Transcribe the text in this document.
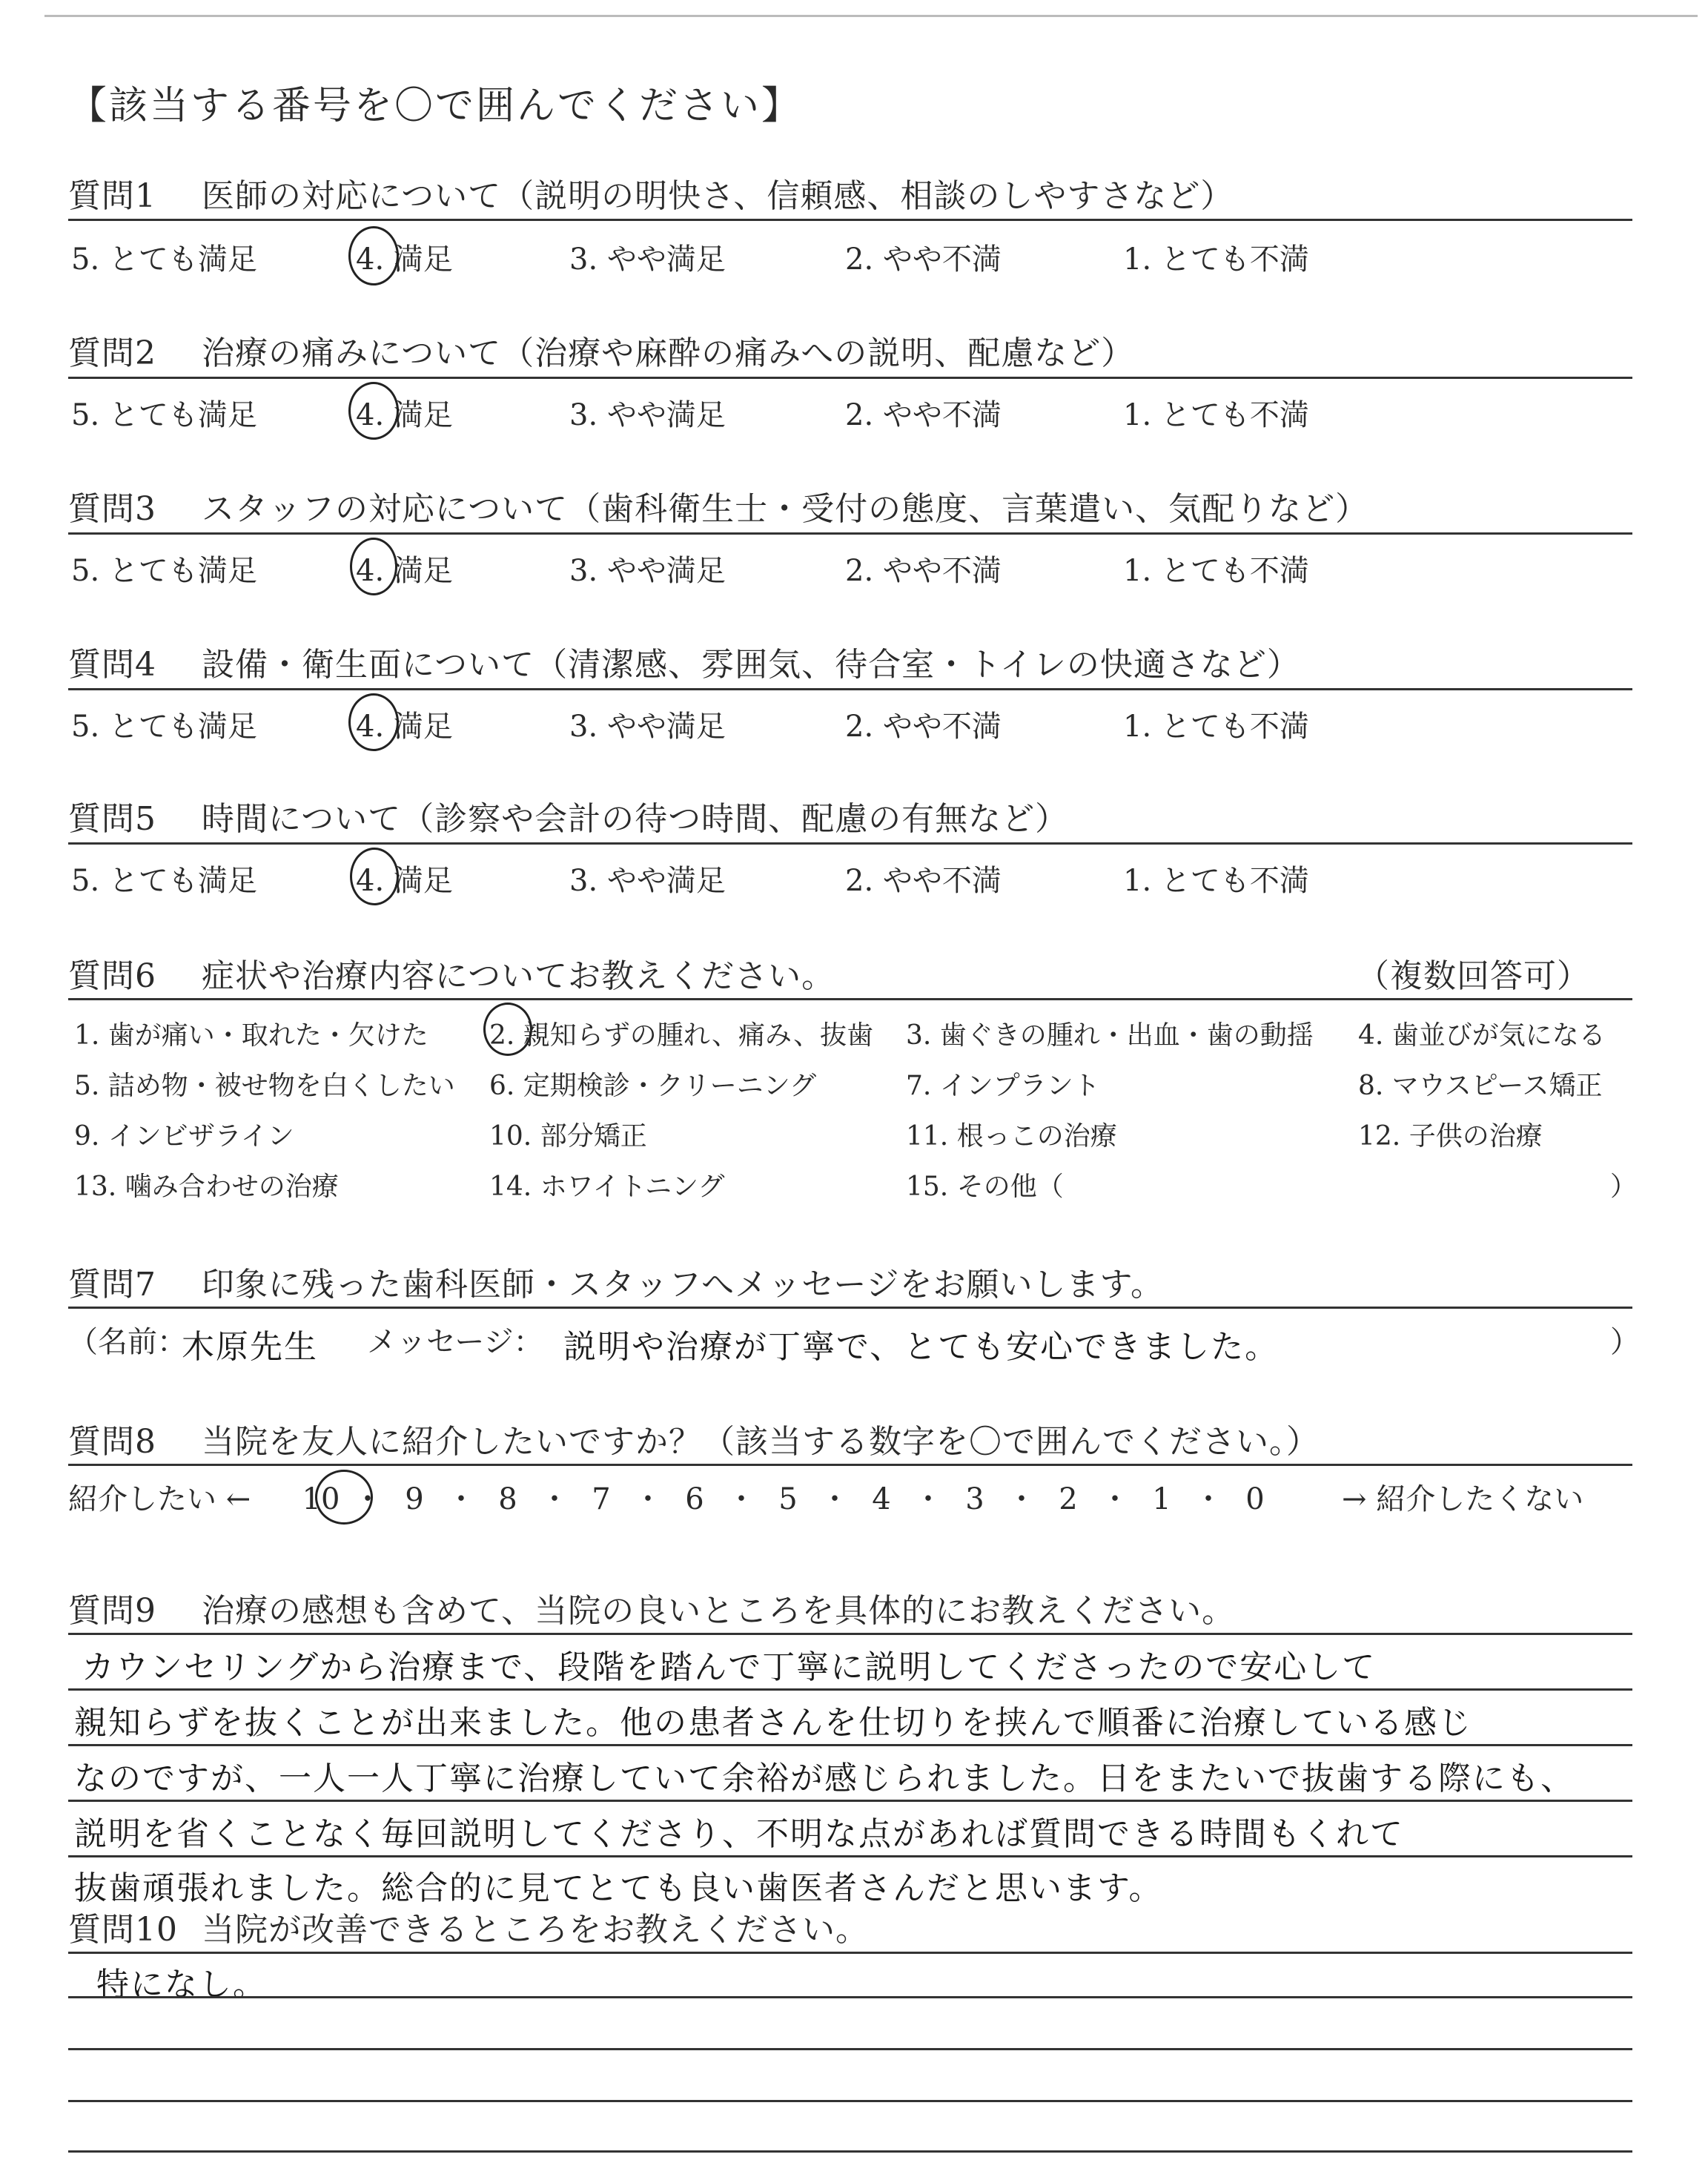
【該当する番号を〇で囲んでください】
質問1 医師の対応について（説明の明快さ、信頼感、相談のしやすさなど）
5. とても満足	4. 満足	3. やや満足	2. やや不満	1. とても不満
質問2 治療の痛みについて（治療や麻酔の痛みへの説明、配慮など）
5. とても満足	4. 満足	3. やや満足	2. やや不満	1. とても不満
質問3 スタッフの対応について（歯科衛生士・受付の態度、言葉遣い、気配りなど）
5. とても満足	4. 満足	3. やや満足	2. やや不満	1. とても不満
質問4 設備・衛生面について（清潔感、雰囲気、待合室・トイレの快適さなど）
5. とても満足	4. 満足	3. やや満足	2. やや不満	1. とても不満
質問5 時間について（診察や会計の待つ時間、配慮の有無など）
5. とても満足	4. 満足	3. やや満足	2. やや不満	1. とても不満
質問6 症状や治療内容についてお教えください。	（複数回答可）
1. 歯が痛い・取れた・欠けた 2. 親知らずの腫れ、痛み、抜歯 3. 歯ぐきの腫れ・出血・歯の動揺 4. 歯並びが気になる
5. 詰め物・被せ物を白くしたい 6. 定期検診・クリーニング	7. インプラント	8. マウスピース矯正
9. インビザライン	10. 部分矯正	11. 根っこの治療	12. 子供の治療
13. 噛み合わせの治療	14. ホワイトニング	15. その他（	）
質問7 印象に残った歯科医師・スタッフへメッセージをお願いします。
（名前：
木原先生 メッセージ： 説明や治療が丁寧で、とても安心できました。	）
質問8 当院を友人に紹介したいですか？（該当する数字を〇で囲んでください。）
紹介したい ← 10 ・ 9 ・ 8 ・ 7 ・ 6 ・ 5 ・ 4 ・ 3 ・ 2 ・ 1 ・ 0	→ 紹介したくない
質問9 治療の感想も含めて、当院の良いところを具体的にお教えください。
カウンセリングから治療まで、段階を踏んで丁寧に説明してくださったので安心して
親知らずを抜くことが出来ました。他の患者さんを仕切りを挟んで順番に治療している感じ
なのですが、一人一人丁寧に治療していて余裕が感じられました。日をまたいで抜歯する際にも、
説明を省くことなく毎回説明してくださり、不明な点があれば質問できる時間もくれて
抜歯頑張れました。総合的に見てとても良い歯医者さんだと思います。
質問10 当院が改善できるところをお教えください。
特になし。
